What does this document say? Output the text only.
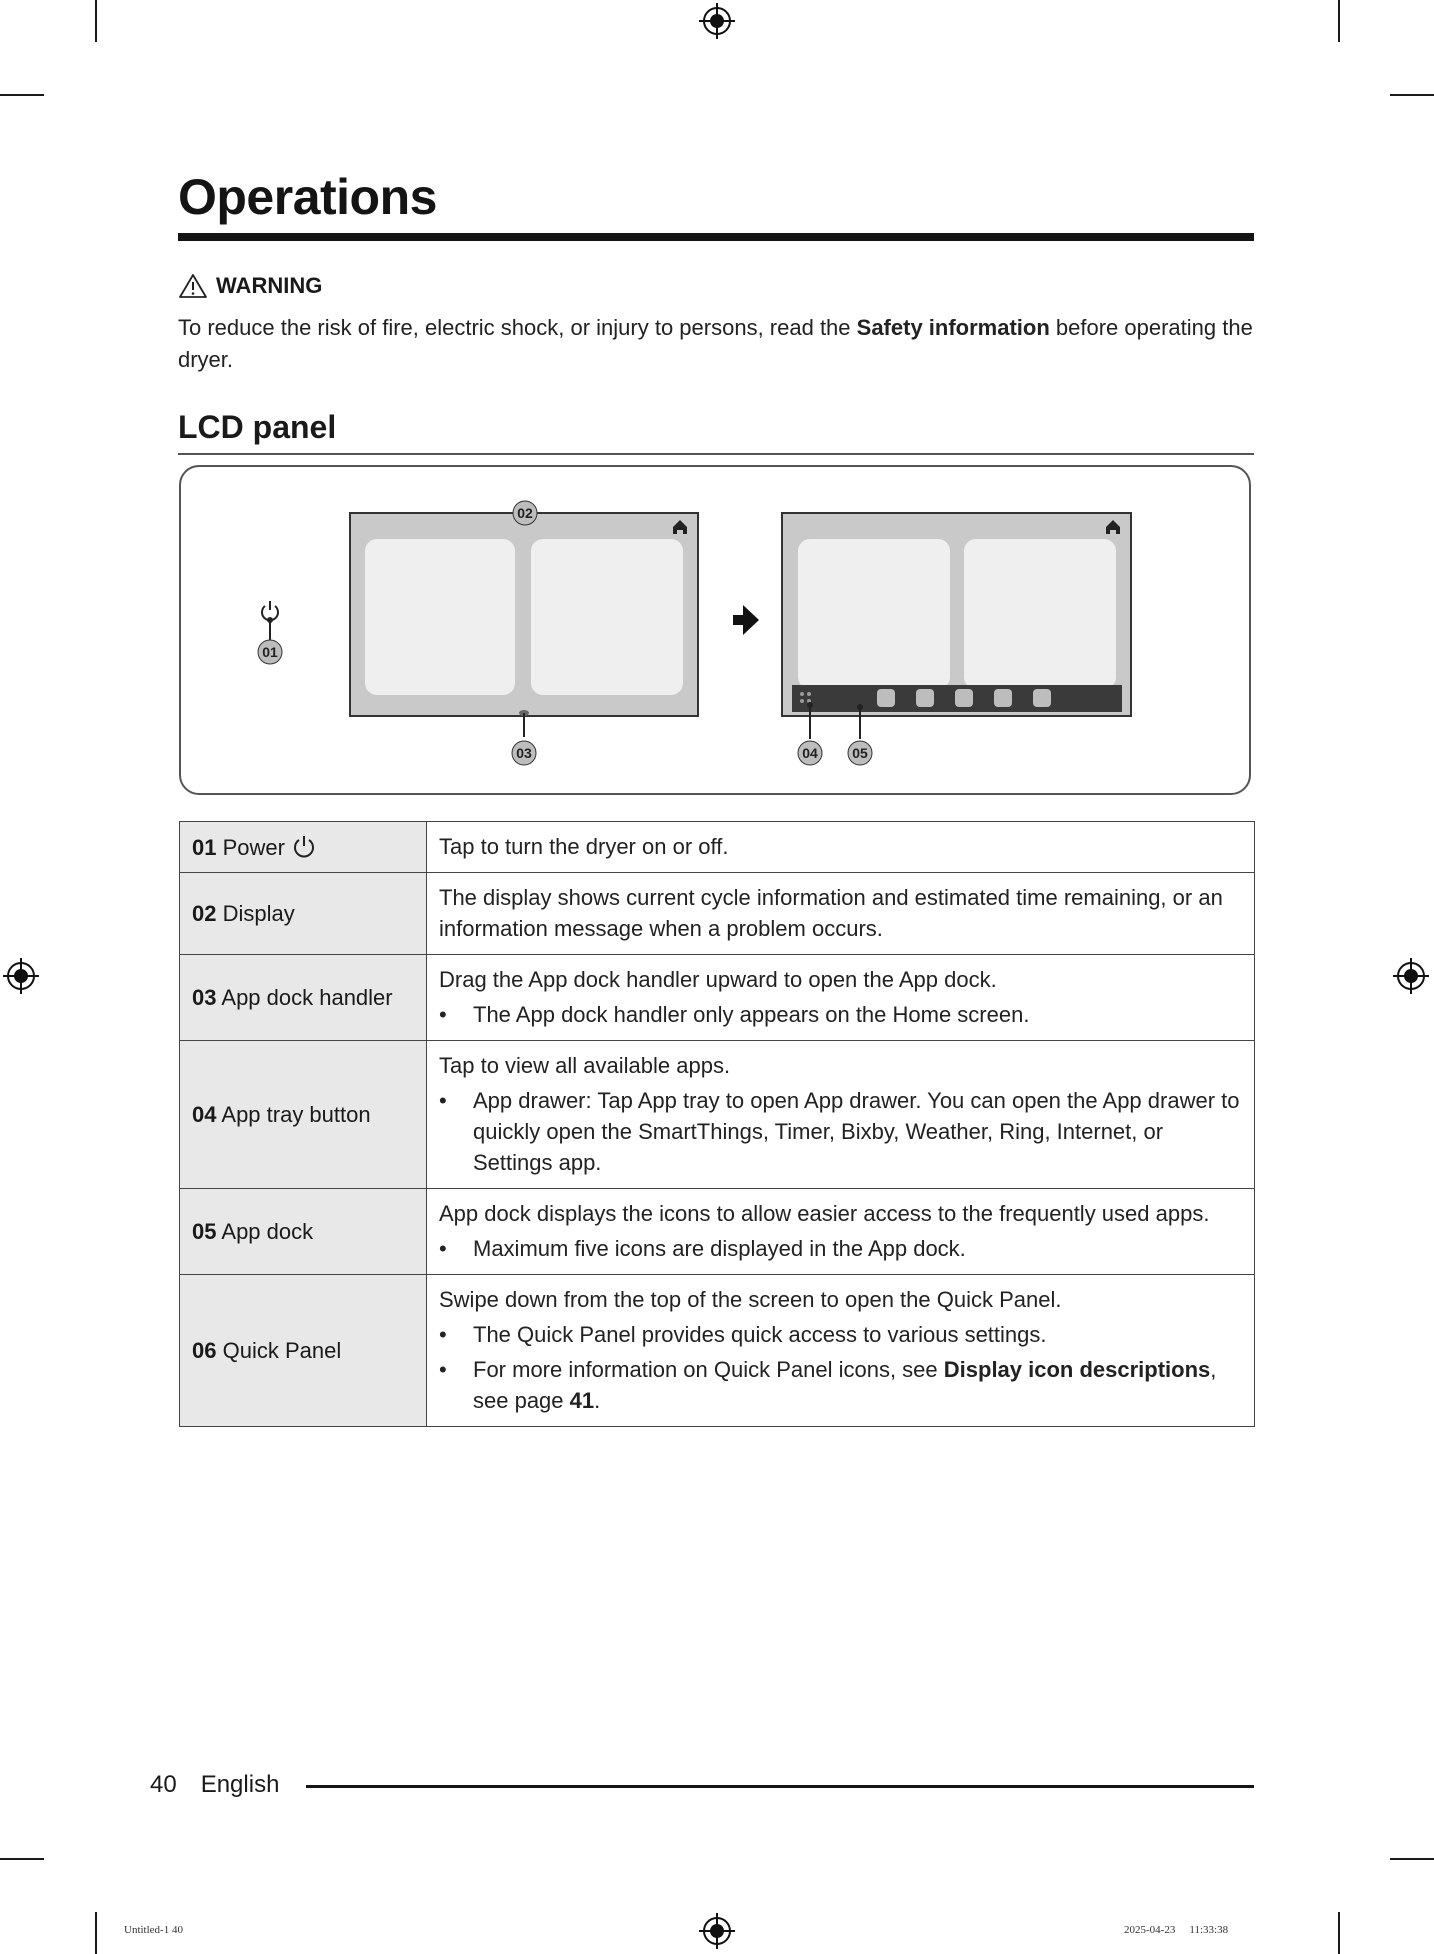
Operations
WARNING

To reduce the risk of fire, electric shock, or injury to persons, read the Safety information before operating the dryer.

LCD panel
02
03
01
04 05
01 Power	Tap to turn the dryer on or off.
02 Display	The display shows current cycle information and estimated time remaining, or an information message when a problem occurs.
03 App dock handler	Drag the App dock handler upward to open the App dock.
• The App dock handler only appears on the Home screen.

04 App tray button	Tap to view all available apps.
• App drawer: Tap App tray to open App drawer. You can open the App drawer to quickly open the SmartThings, Timer, Bixby, Weather, Ring, Internet, or Settings app.

05 App dock	App dock displays the icons to allow easier access to the frequently used apps.
• Maximum five icons are displayed in the App dock.

06 Quick Panel	Swipe down from the top of the screen to open the Quick Panel.
• The Quick Panel provides quick access to various settings.
• For more information on Quick Panel icons, see Display icon descriptions, see page 41.
40 English
Untitled-1 40	2025-04-23 ￿ 11:33:38
